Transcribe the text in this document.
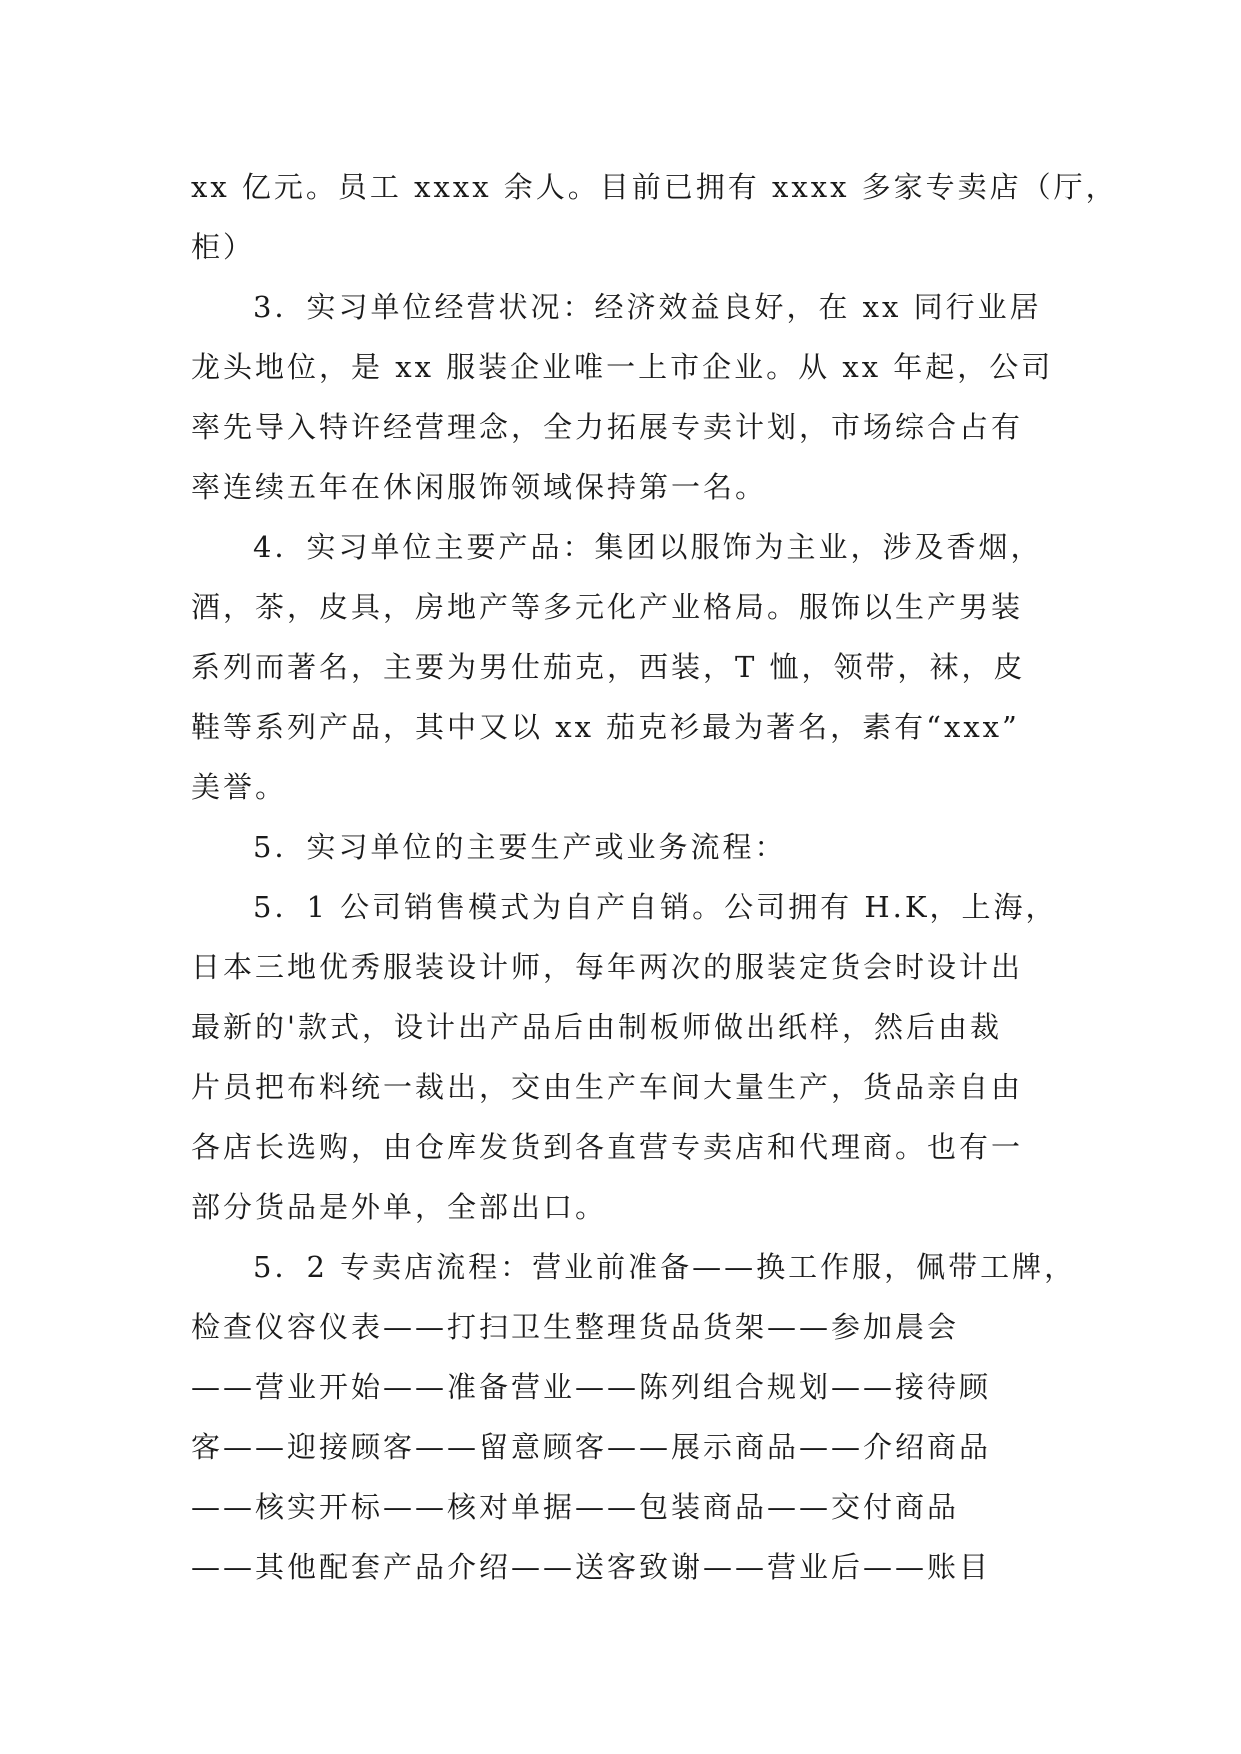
xx 亿元。员工 xxxx 余人。目前已拥有 xxxx 多家专卖店（厅，
柜）
3．实习单位经营状况：经济效益良好，在 xx 同行业居
龙头地位，是 xx 服装企业唯一上市企业。从 xx 年起，公司
率先导入特许经营理念，全力拓展专卖计划，市场综合占有
率连续五年在休闲服饰领域保持第一名。
4．实习单位主要产品：集团以服饰为主业，涉及香烟，
酒，茶，皮具，房地产等多元化产业格局。服饰以生产男装
系列而著名，主要为男仕茄克，西装，T 恤，领带，袜，皮
鞋等系列产品，其中又以 xx 茄克衫最为著名，素有“xxx”
美誉。
5．实习单位的主要生产或业务流程：
5．1 公司销售模式为自产自销。公司拥有 H.K，上海，
日本三地优秀服装设计师，每年两次的服装定货会时设计出
最新的'款式，设计出产品后由制板师做出纸样，然后由裁
片员把布料统一裁出，交由生产车间大量生产，货品亲自由
各店长选购，由仓库发货到各直营专卖店和代理商。也有一
部分货品是外单，全部出口。
5．2 专卖店流程：营业前准备——换工作服，佩带工牌，
检查仪容仪表——打扫卫生整理货品货架——参加晨会
——营业开始——准备营业——陈列组合规划——接待顾
客——迎接顾客——留意顾客——展示商品——介绍商品
——核实开标——核对单据——包装商品——交付商品
——其他配套产品介绍——送客致谢——营业后——账目
